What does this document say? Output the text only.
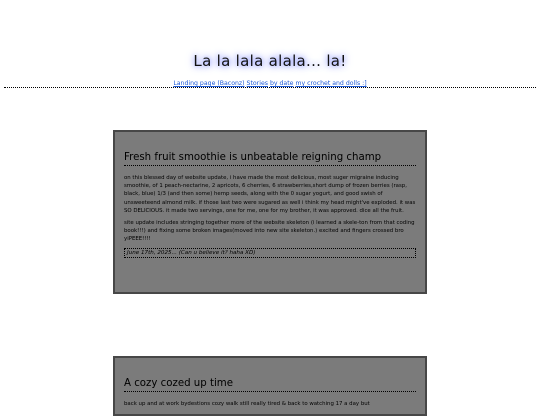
La la lala alala... la!
Landing page (Baconz) Stories by date my crochet and dolls :]
Fresh fruit smoothie is unbeatable reigning champ

on this blessed day of website update, i have made the most delicious, most suger migraine inducing smoothie, of 1 peach-nectarine, 2 apricots, 6 cherries, 6 strawberries,short dump of frozen berries (rasp, black, blue) 1/3 (and then some) hemp seeds, along with the 0 sugar yogurt, and good swish of unsweeteend almond milk. if those last two were sugared as well i think my head might've exploded. it was SO DELICIOUS. it made two servings, one for me, one for my brother, it was approved. dice all the fruit.

site update includes stringing together more of the website skeleton (i learned a skele-ton from that coding book!!!) and fixing some broken images(moved into new site skeleton.) excited and fingers crossed bro yiPEEE!!!!

June 17th, 2025... (Can u believe it? haha XD)
A cozy cozed up time

back up and at work bydestions cozy walk still really tired & back to watching 17 a day but
